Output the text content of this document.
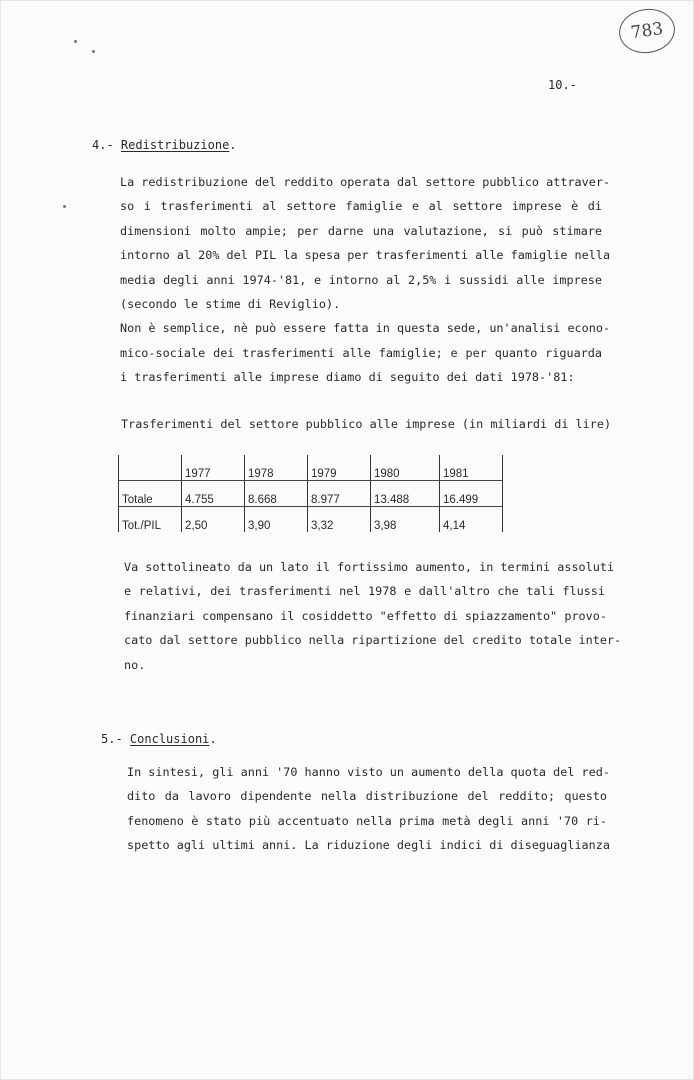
783
10.-
4.- Redistribuzione.
La redistribuzione del reddito operata dal settore pubblico attraver-
so i trasferimenti al settore famiglie e al settore imprese è di
dimensioni molto ampie; per darne una valutazione, si può stimare
intorno al 20% del PIL la spesa per trasferimenti alle famiglie nella
media degli anni 1974-'81, e intorno al 2,5% i sussidi alle imprese
(secondo le stime di Reviglio).
Non è semplice, nè può essere fatta in questa sede, un'analisi econo-
mico-sociale dei trasferimenti alle famiglie; e per quanto riguarda
i trasferimenti alle imprese diamo di seguito dei dati 1978-'81:
Trasferimenti del settore pubblico alle imprese (in miliardi di lire)
	1977	1978	1979	1980	1981	
Totale	4.755	8.668	8.977	13.488	16.499	
Tot./PIL	2,50	3,90	3,32	3,98	4,14	
Va sottolineato da un lato il fortissimo aumento, in termini assoluti
e relativi, dei trasferimenti nel 1978 e dall'altro che tali flussi
finanziari compensano il cosiddetto "effetto di spiazzamento" provo-
cato dal settore pubblico nella ripartizione del credito totale inter-
no.
5.- Conclusioni.
In sintesi, gli anni '70 hanno visto un aumento della quota del red-
dito da lavoro dipendente nella distribuzione del reddito; questo
fenomeno è stato più accentuato nella prima metà degli anni '70 ri-
spetto agli ultimi anni. La riduzione degli indici di diseguaglianza
